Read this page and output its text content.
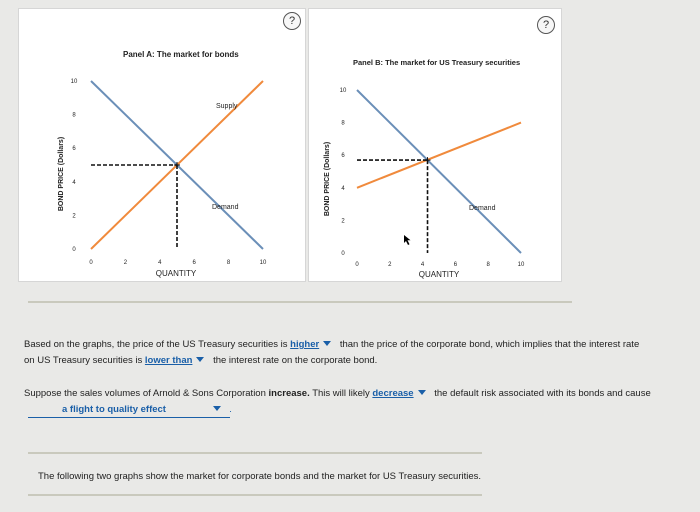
Panel A: The market for bonds
BOND PRICE (Dollars)
QUANTITY
10
8
6
4
2
0
0	2	4	6	8	10
Supply
Demand
?
Panel B: The market for US Treasury securities
BOND PRICE (Dollars)
QUANTITY
10
8
6
4
2
0
0	2	4	6	8	10
Demand
?
Based on the graphs, the price of the US Treasury securities is higher than the price of the corporate bond, which implies that the interest rate
on US Treasury securities is lower than the interest rate on the corporate bond.
Suppose the sales volumes of Arnold & Sons Corporation increase. This will likely decrease the default risk associated with its bonds and cause
a flight to quality effect	.
The following two graphs show the market for corporate bonds and the market for US Treasury securities.
